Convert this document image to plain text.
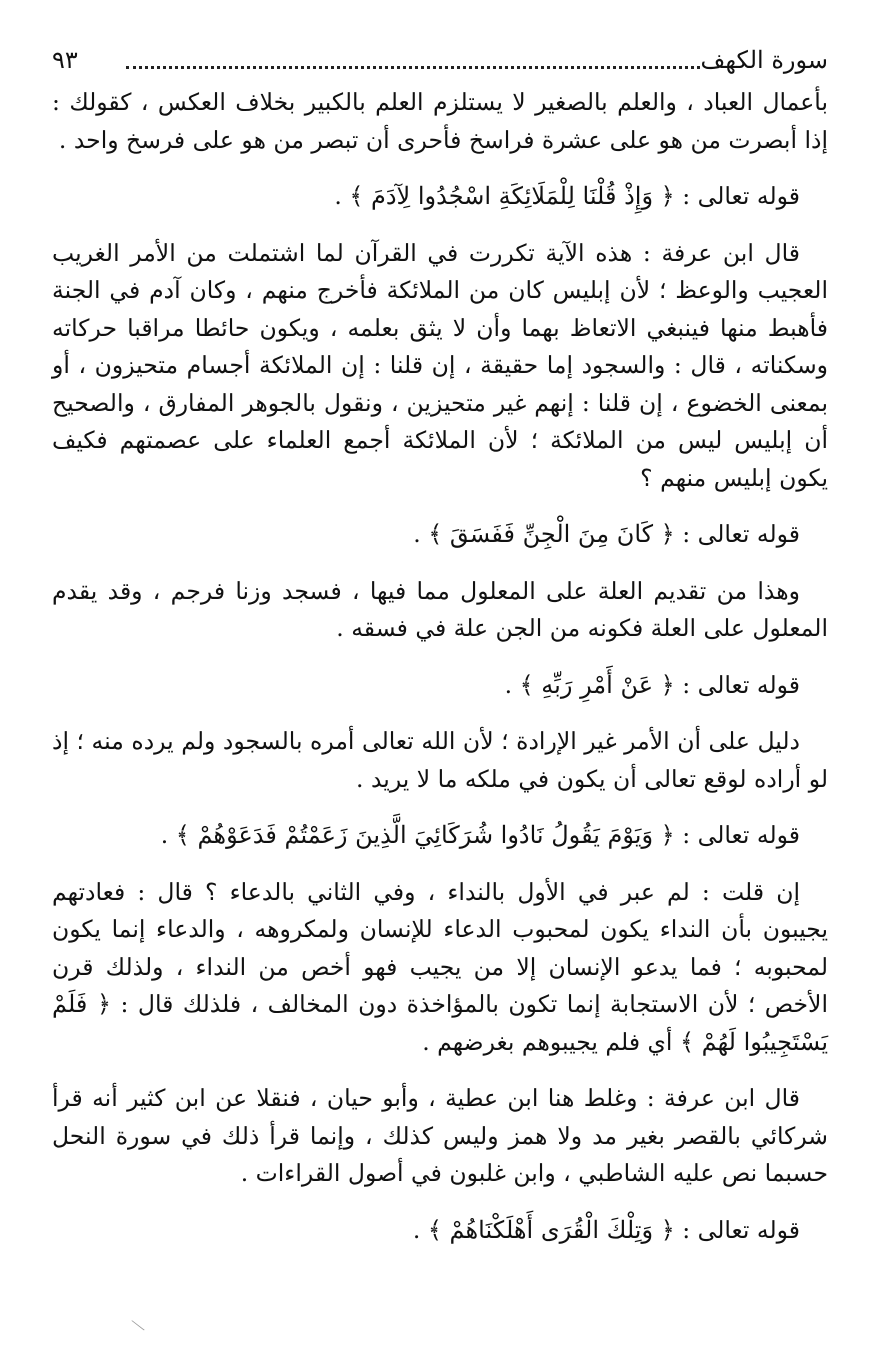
سورة الكهف
٩٣

بأعمال العباد ، والعلم بالصغير لا يستلزم العلم بالكبير بخلاف العكس ، كقولك : إذا أبصرت من هو على عشرة فراسخ فأحرى أن تبصر من هو على فرسخ واحد .

قوله تعالى : ﴿ وَإِذْ قُلْنَا لِلْمَلَائِكَةِ اسْجُدُوا لِآدَمَ ﴾ .

قال ابن عرفة : هذه الآية تكررت في القرآن لما اشتملت من الأمر الغريب العجيب والوعظ ؛ لأن إبليس كان من الملائكة فأخرج منهم ، وكان آدم في الجنة فأهبط منها فينبغي الاتعاظ بهما وأن لا يثق بعلمه ، ويكون حائطا مراقبا حركاته وسكناته ، قال : والسجود إما حقيقة ، إن قلنا : إن الملائكة أجسام متحيزون ، أو بمعنى الخضوع ، إن قلنا : إنهم غير متحيزين ، ونقول بالجوهر المفارق ، والصحيح أن إبليس ليس من الملائكة ؛ لأن الملائكة أجمع العلماء على عصمتهم فكيف يكون إبليس منهم ؟

قوله تعالى : ﴿ كَانَ مِنَ الْجِنِّ فَفَسَقَ ﴾ .

وهذا من تقديم العلة على المعلول مما فيها ، فسجد وزنا فرجم ، وقد يقدم المعلول على العلة فكونه من الجن علة في فسقه .

قوله تعالى : ﴿ عَنْ أَمْرِ رَبِّهِ ﴾ .

دليل على أن الأمر غير الإرادة ؛ لأن الله تعالى أمره بالسجود ولم يرده منه ؛ إذ لو أراده لوقع تعالى أن يكون في ملكه ما لا يريد .

قوله تعالى : ﴿ وَيَوْمَ يَقُولُ نَادُوا شُرَكَائِيَ الَّذِينَ زَعَمْتُمْ فَدَعَوْهُمْ ﴾ .

إن قلت : لم عبر في الأول بالنداء ، وفي الثاني بالدعاء ؟ قال : فعادتهم يجيبون بأن النداء يكون لمحبوب الدعاء للإنسان ولمكروهه ، والدعاء إنما يكون لمحبوبه ؛ فما يدعو الإنسان إلا من يجيب فهو أخص من النداء ، ولذلك قرن الأخص ؛ لأن الاستجابة إنما تكون بالمؤاخذة دون المخالف ، فلذلك قال : ﴿ فَلَمْ يَسْتَجِيبُوا لَهُمْ ﴾ أي فلم يجيبوهم بغرضهم .

قال ابن عرفة : وغلط هنا ابن عطية ، وأبو حيان ، فنقلا عن ابن كثير أنه قرأ شركائي بالقصر بغير مد ولا همز وليس كذلك ، وإنما قرأ ذلك في سورة النحل حسبما نص عليه الشاطبي ، وابن غلبون في أصول القراءات .

قوله تعالى : ﴿ وَتِلْكَ الْقُرَى أَهْلَكْنَاهُمْ ﴾ .

⟍
